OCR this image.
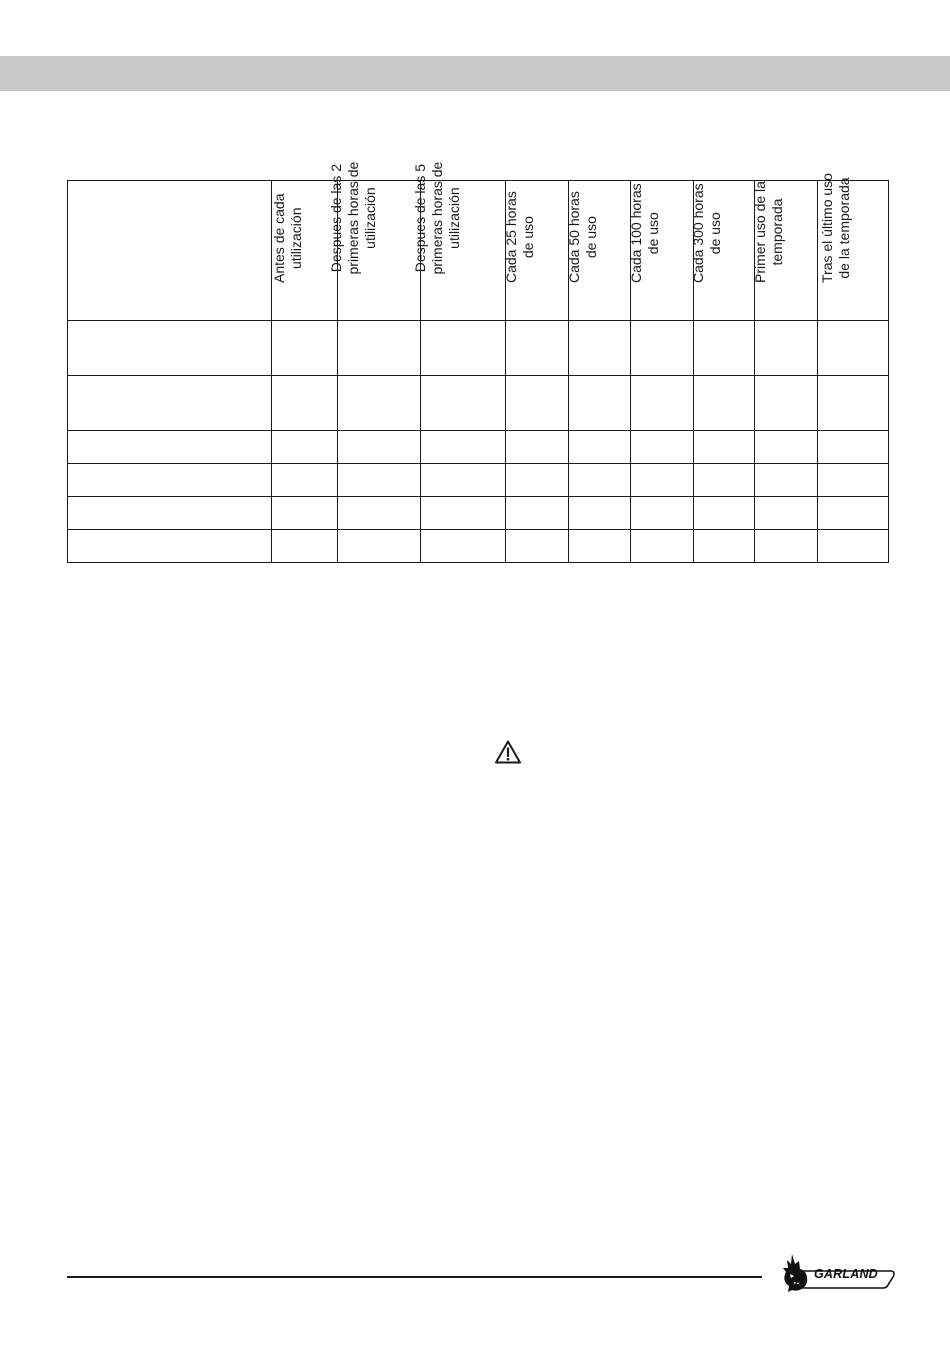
	Antes de cada utilización	Despues de las 2 primeras horas de utilización	Despues de las 5 primeras horas de utilización	Cada 25 horas de uso	Cada 50 horas de uso	Cada 100 horas de uso	Cada 300 horas de uso	Primer uso de la temporada	Tras el último uso de la temporada

GARLAND
